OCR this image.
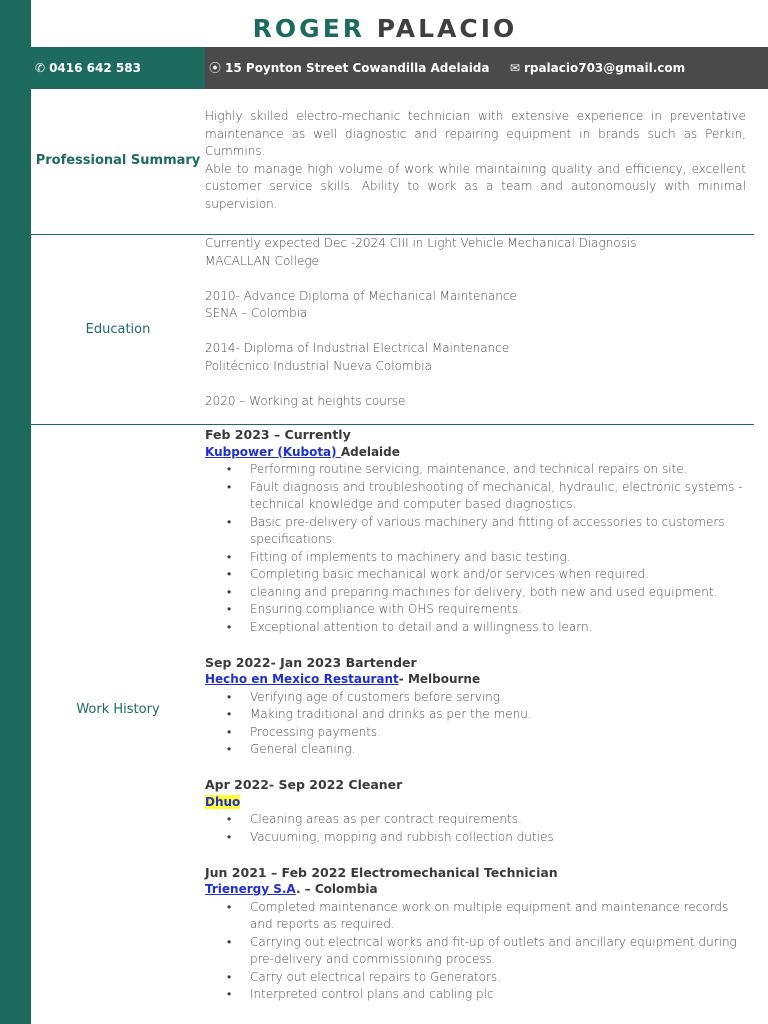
ROGER PALACIO
✆ 0416 642 583	⦿ 15 Poynton Street Cowandilla Adelaida ✉ rpalacio703@gmail.com
Professional Summary

Highly skilled electro-mechanic technician with extensive experience in preventative maintenance as well diagnostic and repairing equipment in brands such as Perkin, Cummins.

Able to manage high volume of work while maintaining quality and efficiency, excellent customer service skills. Ability to work as a team and autonomously with minimal supervision.

Education
Currently expected Dec -2024 CIII in Light Vehicle Mechanical Diagnosis
MACALLAN College
2010- Advance Diploma of Mechanical Maintenance
SENA – Colombia
2014- Diploma of Industrial Electrical Maintenance
Politécnico Industrial Nueva Colombia
2020 – Working at heights course
Work History
Feb 2023 – Currently
Kubpower (Kubota) Adelaide
• Performing routine servicing, maintenance, and technical repairs on site.
• Fault diagnosis and troubleshooting of mechanical, hydraulic, electronic systems - technical knowledge and computer based diagnostics.
• Basic pre-delivery of various machinery and fitting of accessories to customers specifications.
• Fitting of implements to machinery and basic testing.
• Completing basic mechanical work and/or services when required.
• cleaning and preparing machines for delivery, both new and used equipment.
• Ensuring compliance with OHS requirements.
• Exceptional attention to detail and a willingness to learn.
Sep 2022- Jan 2023 Bartender
Hecho en Mexico Restaurant- Melbourne
• Verifying age of customers before serving.
• Making traditional and drinks as per the menu.
• Processing payments.
• General cleaning.
Apr 2022- Sep 2022 Cleaner
Dhuo
• Cleaning areas as per contract requirements.
• Vacuuming, mopping and rubbish collection duties
Jun 2021 – Feb 2022 Electromechanical Technician
Trienergy S.A. – Colombia
• Completed maintenance work on multiple equipment and maintenance records and reports as required.
• Carrying out electrical works and fit-up of outlets and ancillary equipment during pre-delivery and commissioning process.
• Carry out electrical repairs to Generators.
• Interpreted control plans and cabling plc
